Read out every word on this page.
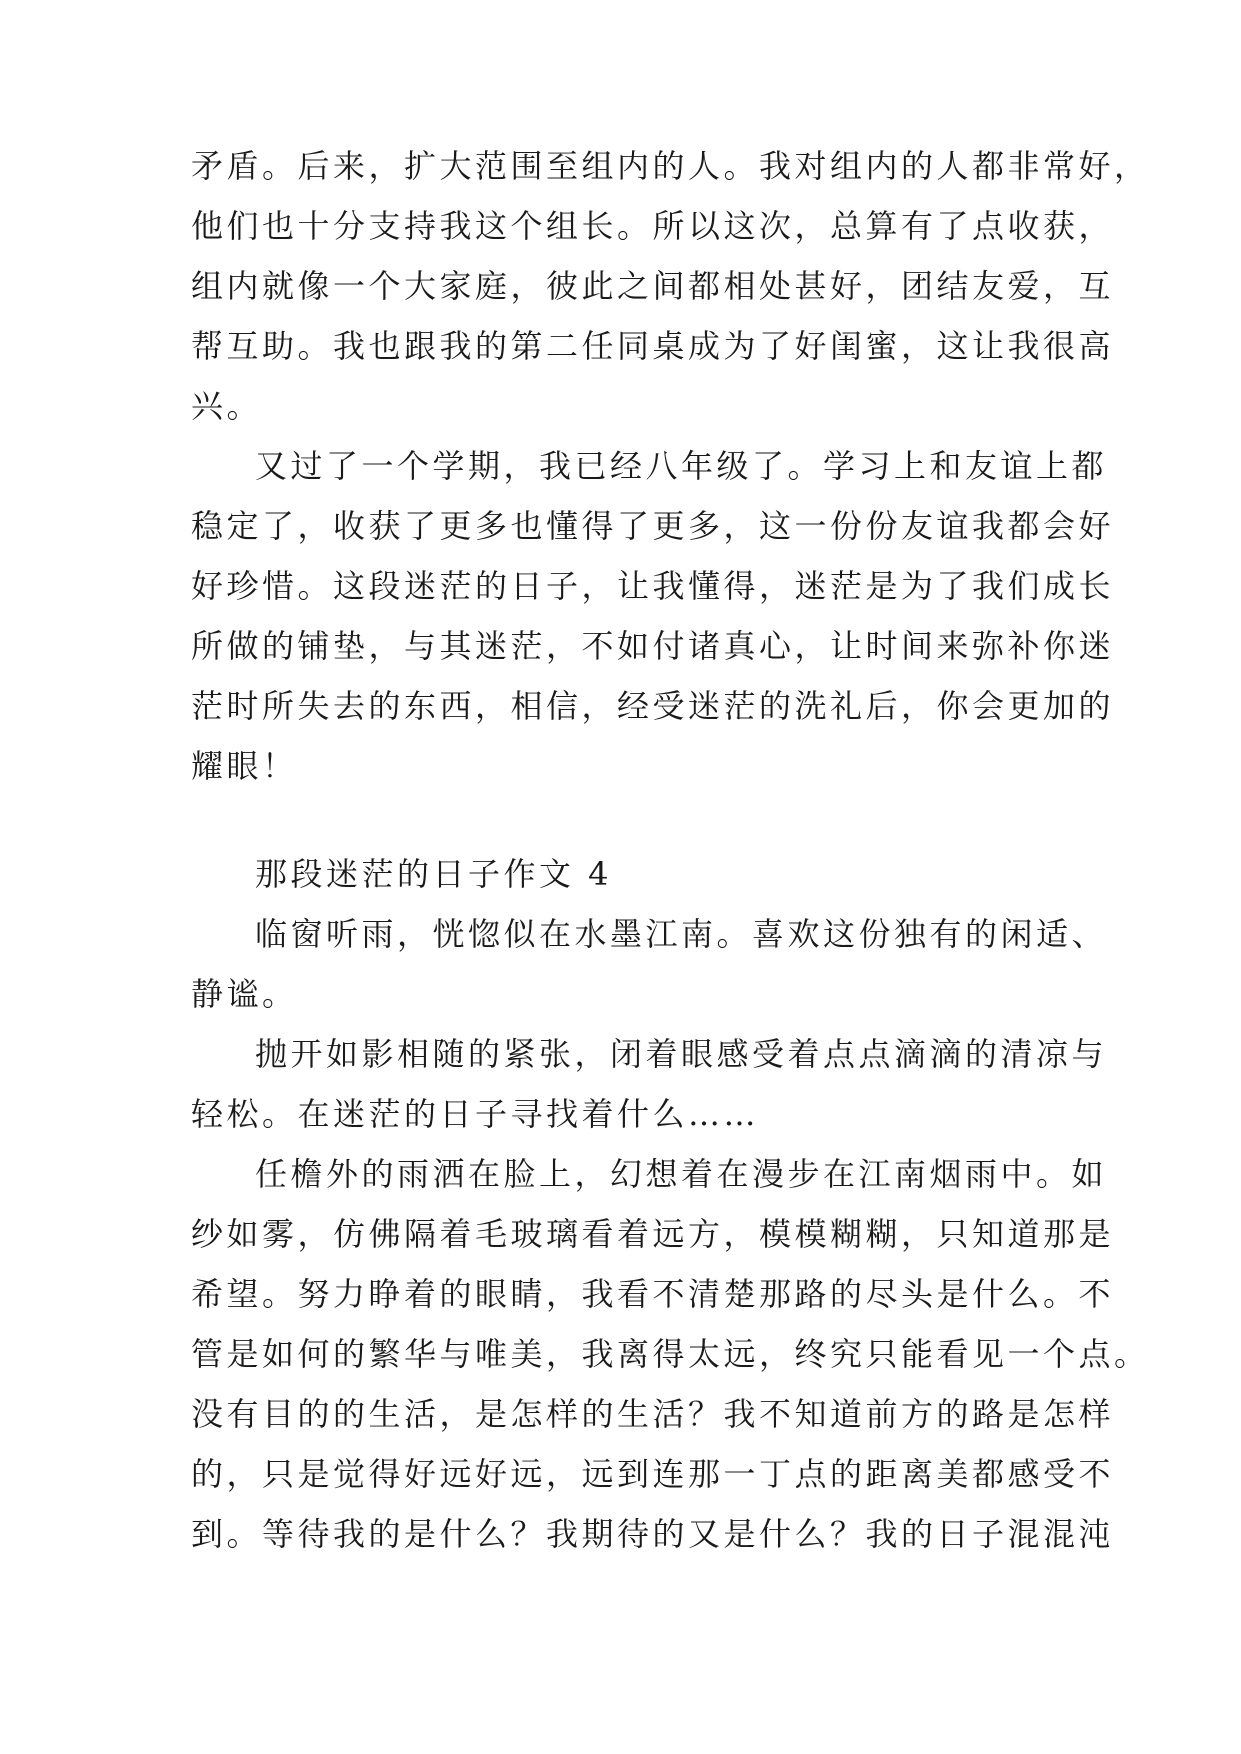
矛盾。后来，扩大范围至组内的人。我对组内的人都非常好，
他们也十分支持我这个组长。所以这次，总算有了点收获，
组内就像一个大家庭，彼此之间都相处甚好，团结友爱，互
帮互助。我也跟我的第二任同桌成为了好闺蜜，这让我很高
兴。
又过了一个学期，我已经八年级了。学习上和友谊上都
稳定了，收获了更多也懂得了更多，这一份份友谊我都会好
好珍惜。这段迷茫的日子，让我懂得，迷茫是为了我们成长
所做的铺垫，与其迷茫，不如付诸真心，让时间来弥补你迷
茫时所失去的东西，相信，经受迷茫的洗礼后，你会更加的
耀眼！
那段迷茫的日子作文 4
临窗听雨，恍惚似在水墨江南。喜欢这份独有的闲适、
静谧。
抛开如影相随的紧张，闭着眼感受着点点滴滴的清凉与
轻松。在迷茫的日子寻找着什么……
任檐外的雨洒在脸上，幻想着在漫步在江南烟雨中。如
纱如雾，仿佛隔着毛玻璃看着远方，模模糊糊，只知道那是
希望。努力睁着的眼睛，我看不清楚那路的尽头是什么。不
管是如何的繁华与唯美，我离得太远，终究只能看见一个点。
没有目的的生活，是怎样的生活？我不知道前方的路是怎样
的，只是觉得好远好远，远到连那一丁点的距离美都感受不
到。等待我的是什么？我期待的又是什么？我的日子混混沌
